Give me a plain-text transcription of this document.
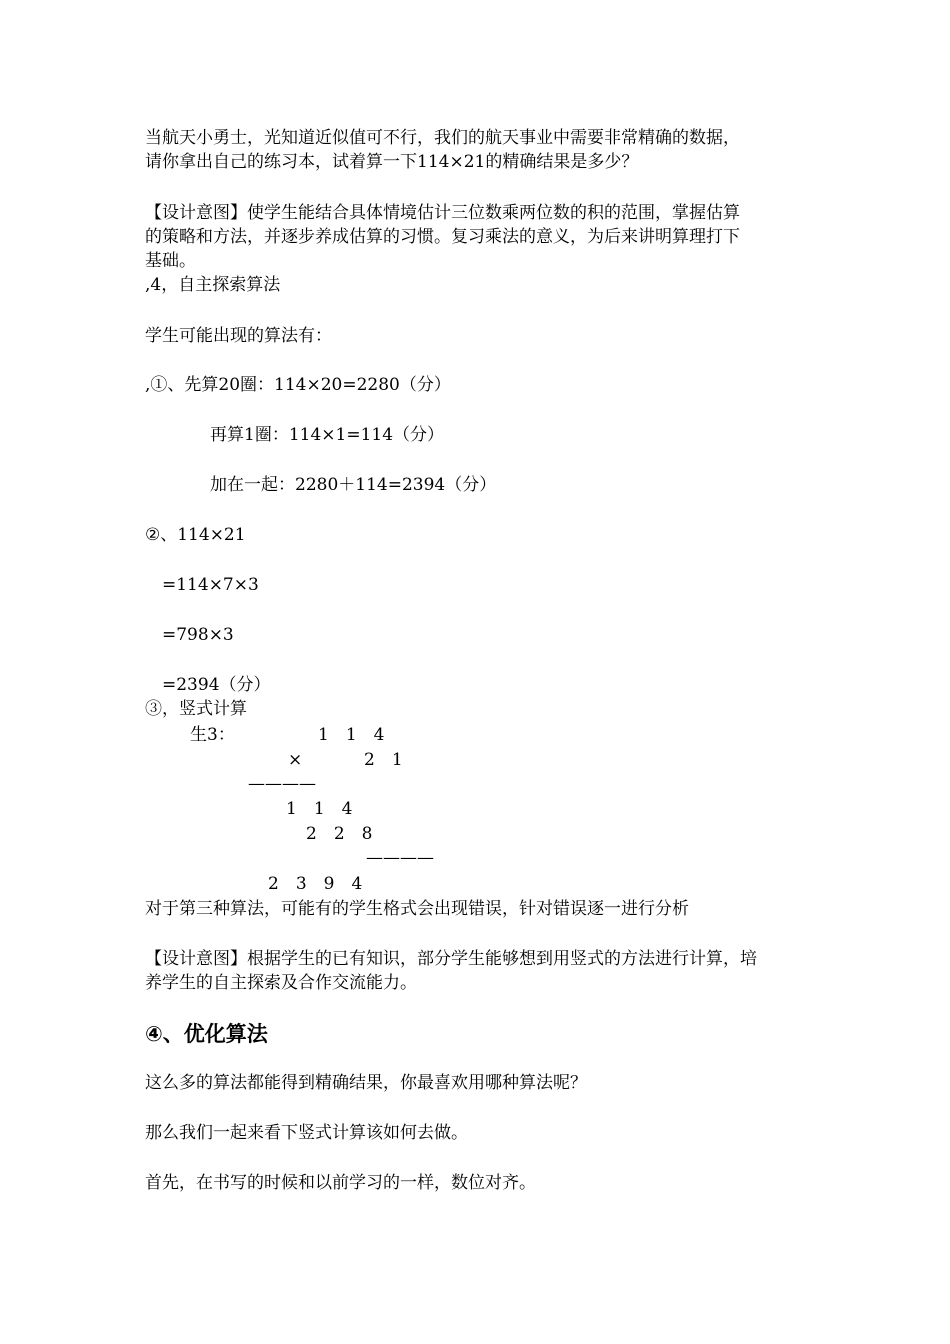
当航天小勇士，光知道近似值可不行，我们的航天事业中需要非常精确的数据，
请你拿出自己的练习本，试着算一下114×21的精确结果是多少？
【设计意图】使学生能结合具体情境估计三位数乘两位数的积的范围，掌握估算
的策略和方法，并逐步养成估算的习惯。复习乘法的意义，为后来讲明算理打下
基础。
,4，自主探索算法
学生可能出现的算法有：
,①、先算20圈：114×20=2280（分）
再算1圈：114×1=114（分）
加在一起：2280＋114=2394（分）
②、114×21
=114×7×3
=798×3
=2394（分）
③，竖式计算
生3：	1　1　4
×	2　1
————
1　1　4
2　2　8
————
2　3　9　4
对于第三种算法，可能有的学生格式会出现错误，针对错误逐一进行分析
【设计意图】根据学生的已有知识，部分学生能够想到用竖式的方法进行计算，培
养学生的自主探索及合作交流能力。
④、优化算法
这么多的算法都能得到精确结果，你最喜欢用哪种算法呢？
那么我们一起来看下竖式计算该如何去做。
首先，在书写的时候和以前学习的一样，数位对齐。
